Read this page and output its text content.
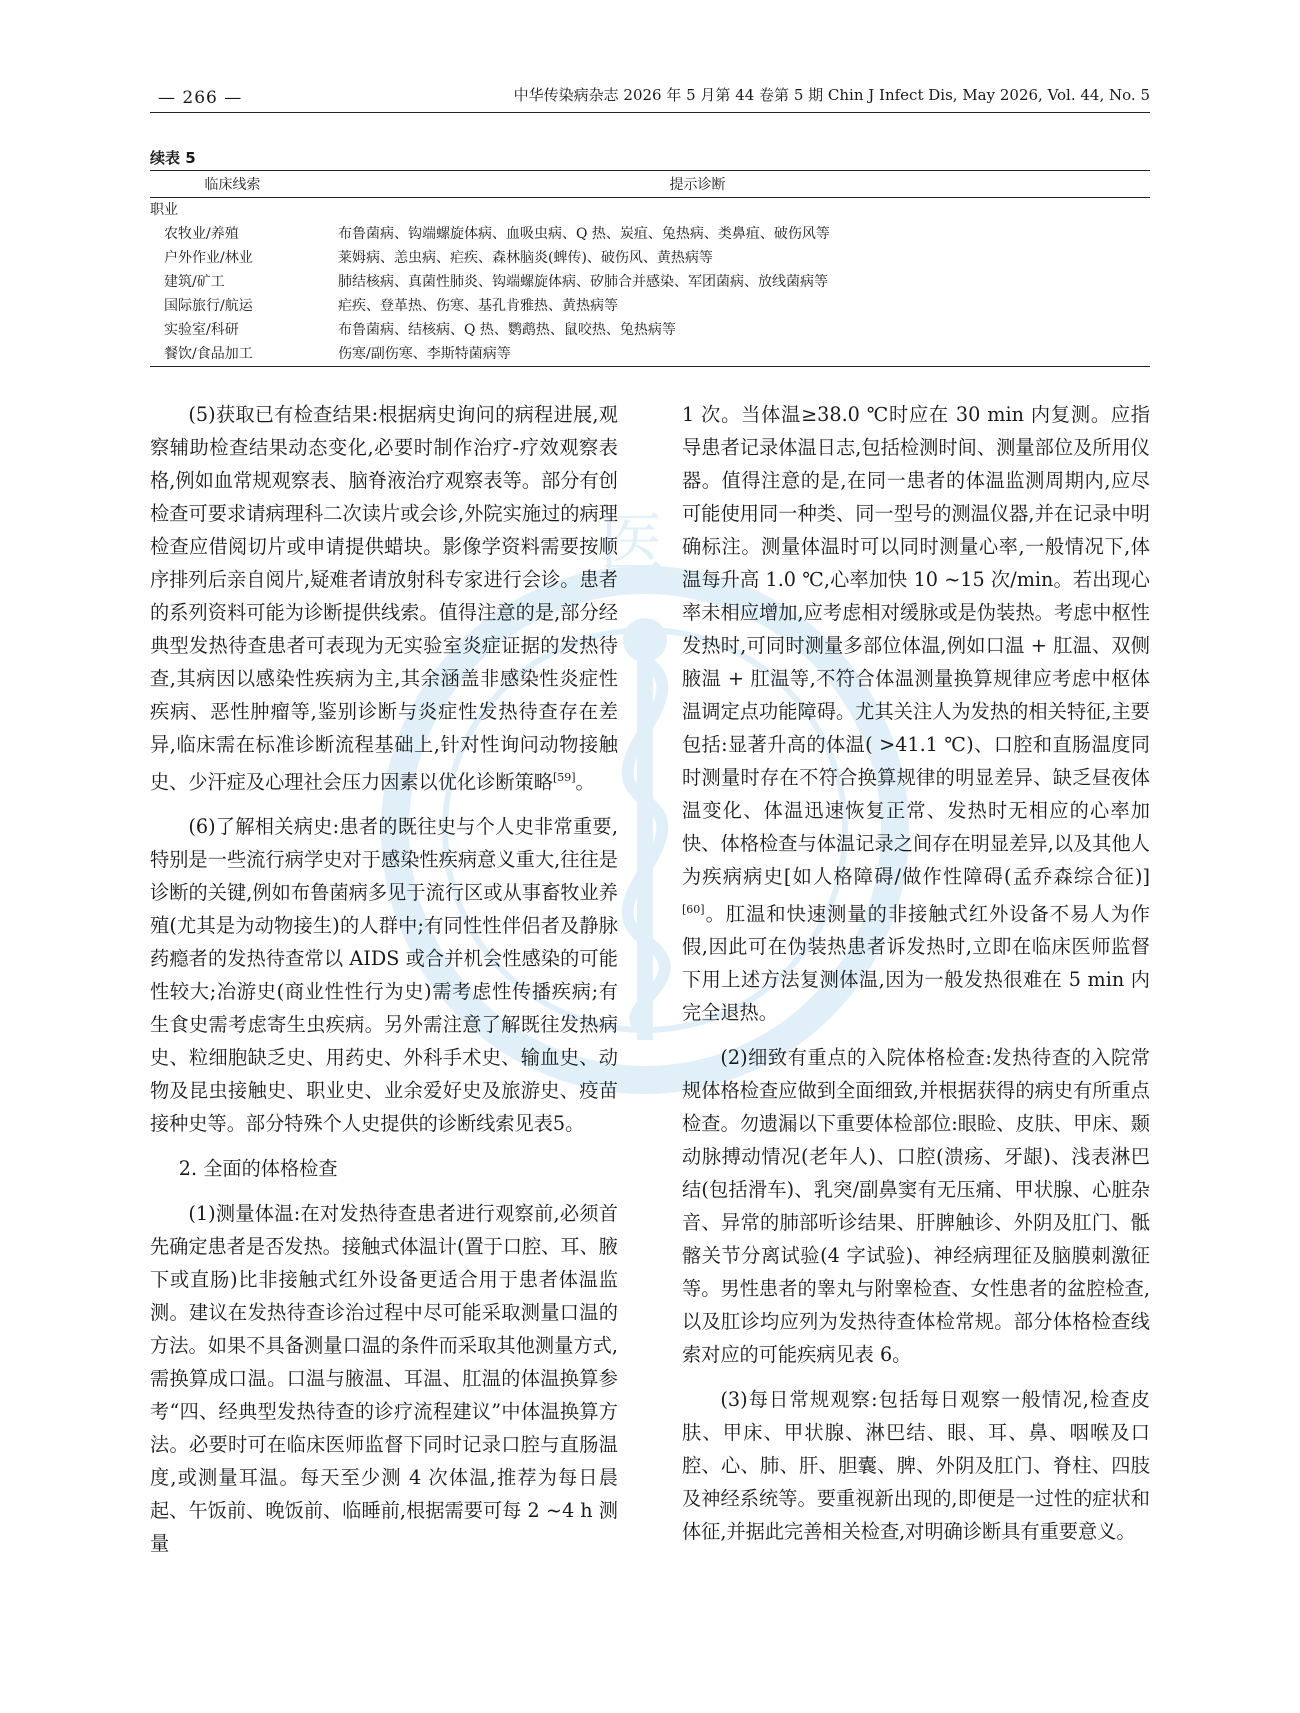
— 266 —	中华传染病杂志 2026 年 5 月第 44 卷第 5 期 Chin J Infect Dis, May 2026, Vol. 44, No. 5
医
续表 5
临床线索	提示诊断
职业
农牧业/养殖	布鲁菌病、钩端螺旋体病、血吸虫病、Q 热、炭疽、兔热病、类鼻疽、破伤风等
户外作业/林业	莱姆病、恙虫病、疟疾、森林脑炎(蜱传)、破伤风、黄热病等
建筑/矿工	肺结核病、真菌性肺炎、钩端螺旋体病、矽肺合并感染、军团菌病、放线菌病等
国际旅行/航运	疟疾、登革热、伤寒、基孔肯雅热、黄热病等
实验室/科研	布鲁菌病、结核病、Q 热、鹦鹉热、鼠咬热、兔热病等
餐饮/食品加工	伤寒/副伤寒、李斯特菌病等

(5)获取已有检查结果:根据病史询问的病程进展,观察辅助检查结果动态变化,必要时制作治疗-疗效观察表格,例如血常规观察表、脑脊液治疗观察表等。部分有创检查可要求请病理科二次读片或会诊,外院实施过的病理检查应借阅切片或申请提供蜡块。影像学资料需要按顺序排列后亲自阅片,疑难者请放射科专家进行会诊。患者的系列资料可能为诊断提供线索。值得注意的是,部分经典型发热待查患者可表现为无实验室炎症证据的发热待查,其病因以感染性疾病为主,其余涵盖非感染性炎症性疾病、恶性肿瘤等,鉴别诊断与炎症性发热待查存在差异,临床需在标准诊断流程基础上,针对性询问动物接触史、少汗症及心理社会压力因素以优化诊断策略[59]。

(6)了解相关病史:患者的既往史与个人史非常重要,特别是一些流行病学史对于感染性疾病意义重大,往往是诊断的关键,例如布鲁菌病多见于流行区或从事畜牧业养殖(尤其是为动物接生)的人群中;有同性性伴侣者及静脉药瘾者的发热待查常以 AIDS 或合并机会性感染的可能性较大;冶游史(商业性性行为史)需考虑性传播疾病;有生食史需考虑寄生虫疾病。另外需注意了解既往发热病史、粒细胞缺乏史、用药史、外科手术史、输血史、动物及昆虫接触史、职业史、业余爱好史及旅游史、疫苗接种史等。部分特殊个人史提供的诊断线索见表5。

2. 全面的体格检查

(1)测量体温:在对发热待查患者进行观察前,必须首先确定患者是否发热。接触式体温计(置于口腔、耳、腋下或直肠)比非接触式红外设备更适合用于患者体温监测。建议在发热待查诊治过程中尽可能采取测量口温的方法。如果不具备测量口温的条件而采取其他测量方式,需换算成口温。口温与腋温、耳温、肛温的体温换算参考“四、经典型发热待查的诊疗流程建议”中体温换算方法。必要时可在临床医师监督下同时记录口腔与直肠温度,或测量耳温。每天至少测 4 次体温,推荐为每日晨起、午饭前、晚饭前、临睡前,根据需要可每 2 ~4 h 测量

1 次。当体温≥38.0 ℃时应在 30 min 内复测。应指导患者记录体温日志,包括检测时间、测量部位及所用仪器。值得注意的是,在同一患者的体温监测周期内,应尽可能使用同一种类、同一型号的测温仪器,并在记录中明确标注。测量体温时可以同时测量心率,一般情况下,体温每升高 1.0 ℃,心率加快 10 ~15 次/min。若出现心率未相应增加,应考虑相对缓脉或是伪装热。考虑中枢性发热时,可同时测量多部位体温,例如口温 + 肛温、双侧腋温 + 肛温等,不符合体温测量换算规律应考虑中枢体温调定点功能障碍。尤其关注人为发热的相关特征,主要包括:显著升高的体温( >41.1 ℃)、口腔和直肠温度同时测量时存在不符合换算规律的明显差异、缺乏昼夜体温变化、体温迅速恢复正常、发热时无相应的心率加快、体格检查与体温记录之间存在明显差异,以及其他人为疾病病史[如人格障碍/做作性障碍(孟乔森综合征)][60]。肛温和快速测量的非接触式红外设备不易人为作假,因此可在伪装热患者诉发热时,立即在临床医师监督下用上述方法复测体温,因为一般发热很难在 5 min 内完全退热。

(2)细致有重点的入院体格检查:发热待查的入院常规体格检查应做到全面细致,并根据获得的病史有所重点检查。勿遗漏以下重要体检部位:眼睑、皮肤、甲床、颞动脉搏动情况(老年人)、口腔(溃疡、牙龈)、浅表淋巴结(包括滑车)、乳突/副鼻窦有无压痛、甲状腺、心脏杂音、异常的肺部听诊结果、肝脾触诊、外阴及肛门、骶髂关节分离试验(4 字试验)、神经病理征及脑膜刺激征等。男性患者的睾丸与附睾检查、女性患者的盆腔检查,以及肛诊均应列为发热待查体检常规。部分体格检查线索对应的可能疾病见表 6。

(3)每日常规观察:包括每日观察一般情况,检查皮肤、甲床、甲状腺、淋巴结、眼、耳、鼻、咽喉及口腔、心、肺、肝、胆囊、脾、外阴及肛门、脊柱、四肢及神经系统等。要重视新出现的,即便是一过性的症状和体征,并据此完善相关检查,对明确诊断具有重要意义。
